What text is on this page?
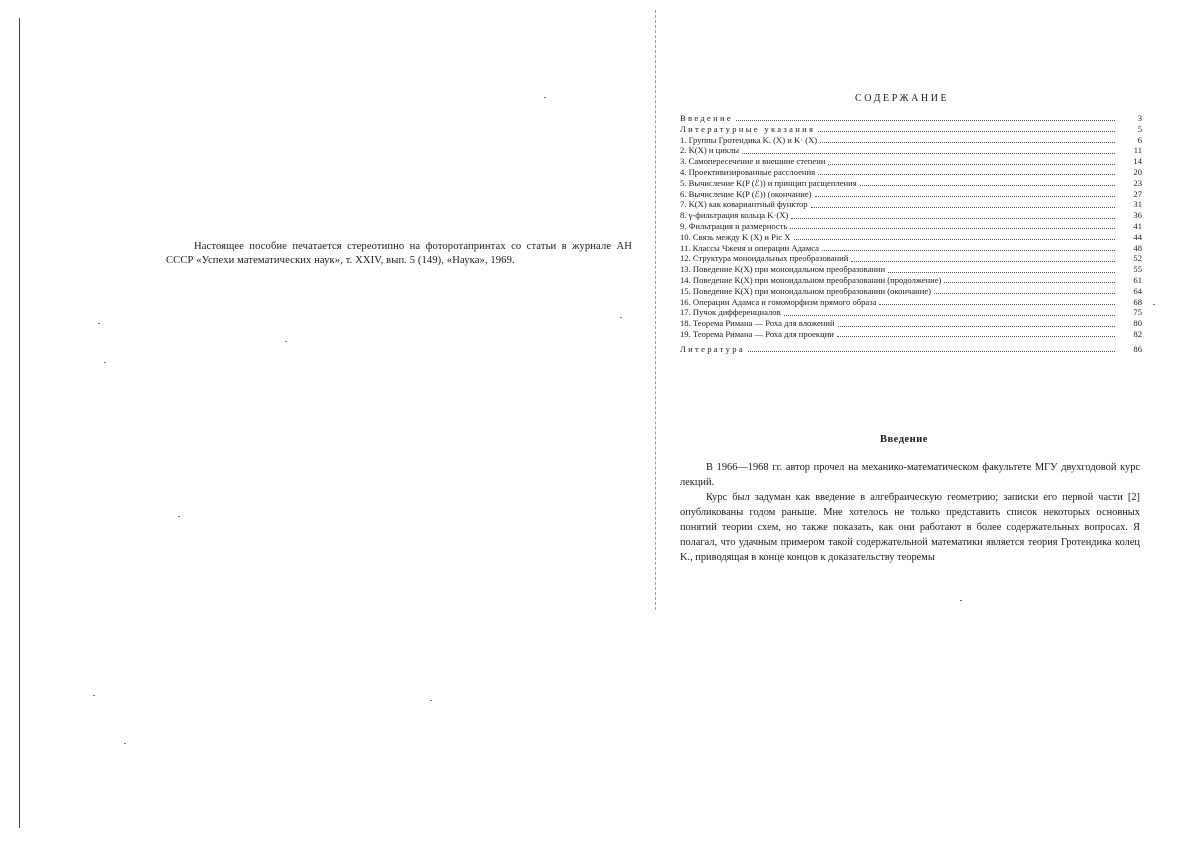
Настоящее пособие печатается стереотипно на фоторотапринтах со статьи в журнале АН СССР «Успехи математических наук», т. XXIV, вып. 5 (149), «Наука», 1969.
СОДЕРЖАНИЕ
Введение	3
Литературные указания	5
1. Группы Гротендика K. (X) и K· (X)	6
2. K(X) и циклы	11
3. Самопересечение и внешние степени	14
4. Проективизированные расслоения	20
5. Вычисление K(P (ℰ)) и принцип расщепления	23
6. Вычисление K(P (ℰ)) (окончание)	27
7. K(X) как ковариантный функтор	31
8. γ-фильтрация кольца K·(X)	36
9. Фильтрация и размерность	41
10. Связь между K (X) и Pic X	44
11. Классы Чженя и операции Адамса	48
12. Структура моноидальных преобразований	52
13. Поведение K(X) при моноидальном преобразовании	55
14. Поведение K(X) при моноидальном преобразовании (продолжение)	61
15. Поведение K(X) при моноидальном преобразовании (окончание)	64
16. Операции Адамса и гомоморфизм прямого образа	68
17. Пучок дифференциалов	75
18. Теорема Римана — Роха для вложений	80
19. Теорема Римана — Роха для проекции	82
Литература	86
Введение

В 1966—1968 гг. автор прочел на механико-математическом факультете МГУ двухгодовой курс лекций.

Курс был задуман как введение в алгебраическую геометрию; записки его первой части [2] опубликованы годом раньше. Мне хотелось не только представить список некоторых основных понятий теории схем, но также показать, как они работают в более содержательных вопросах. Я полагал, что удачным примером такой содержательной математики является теория Гротендика колец K., приводящая в конце концов к доказательству теоремы
